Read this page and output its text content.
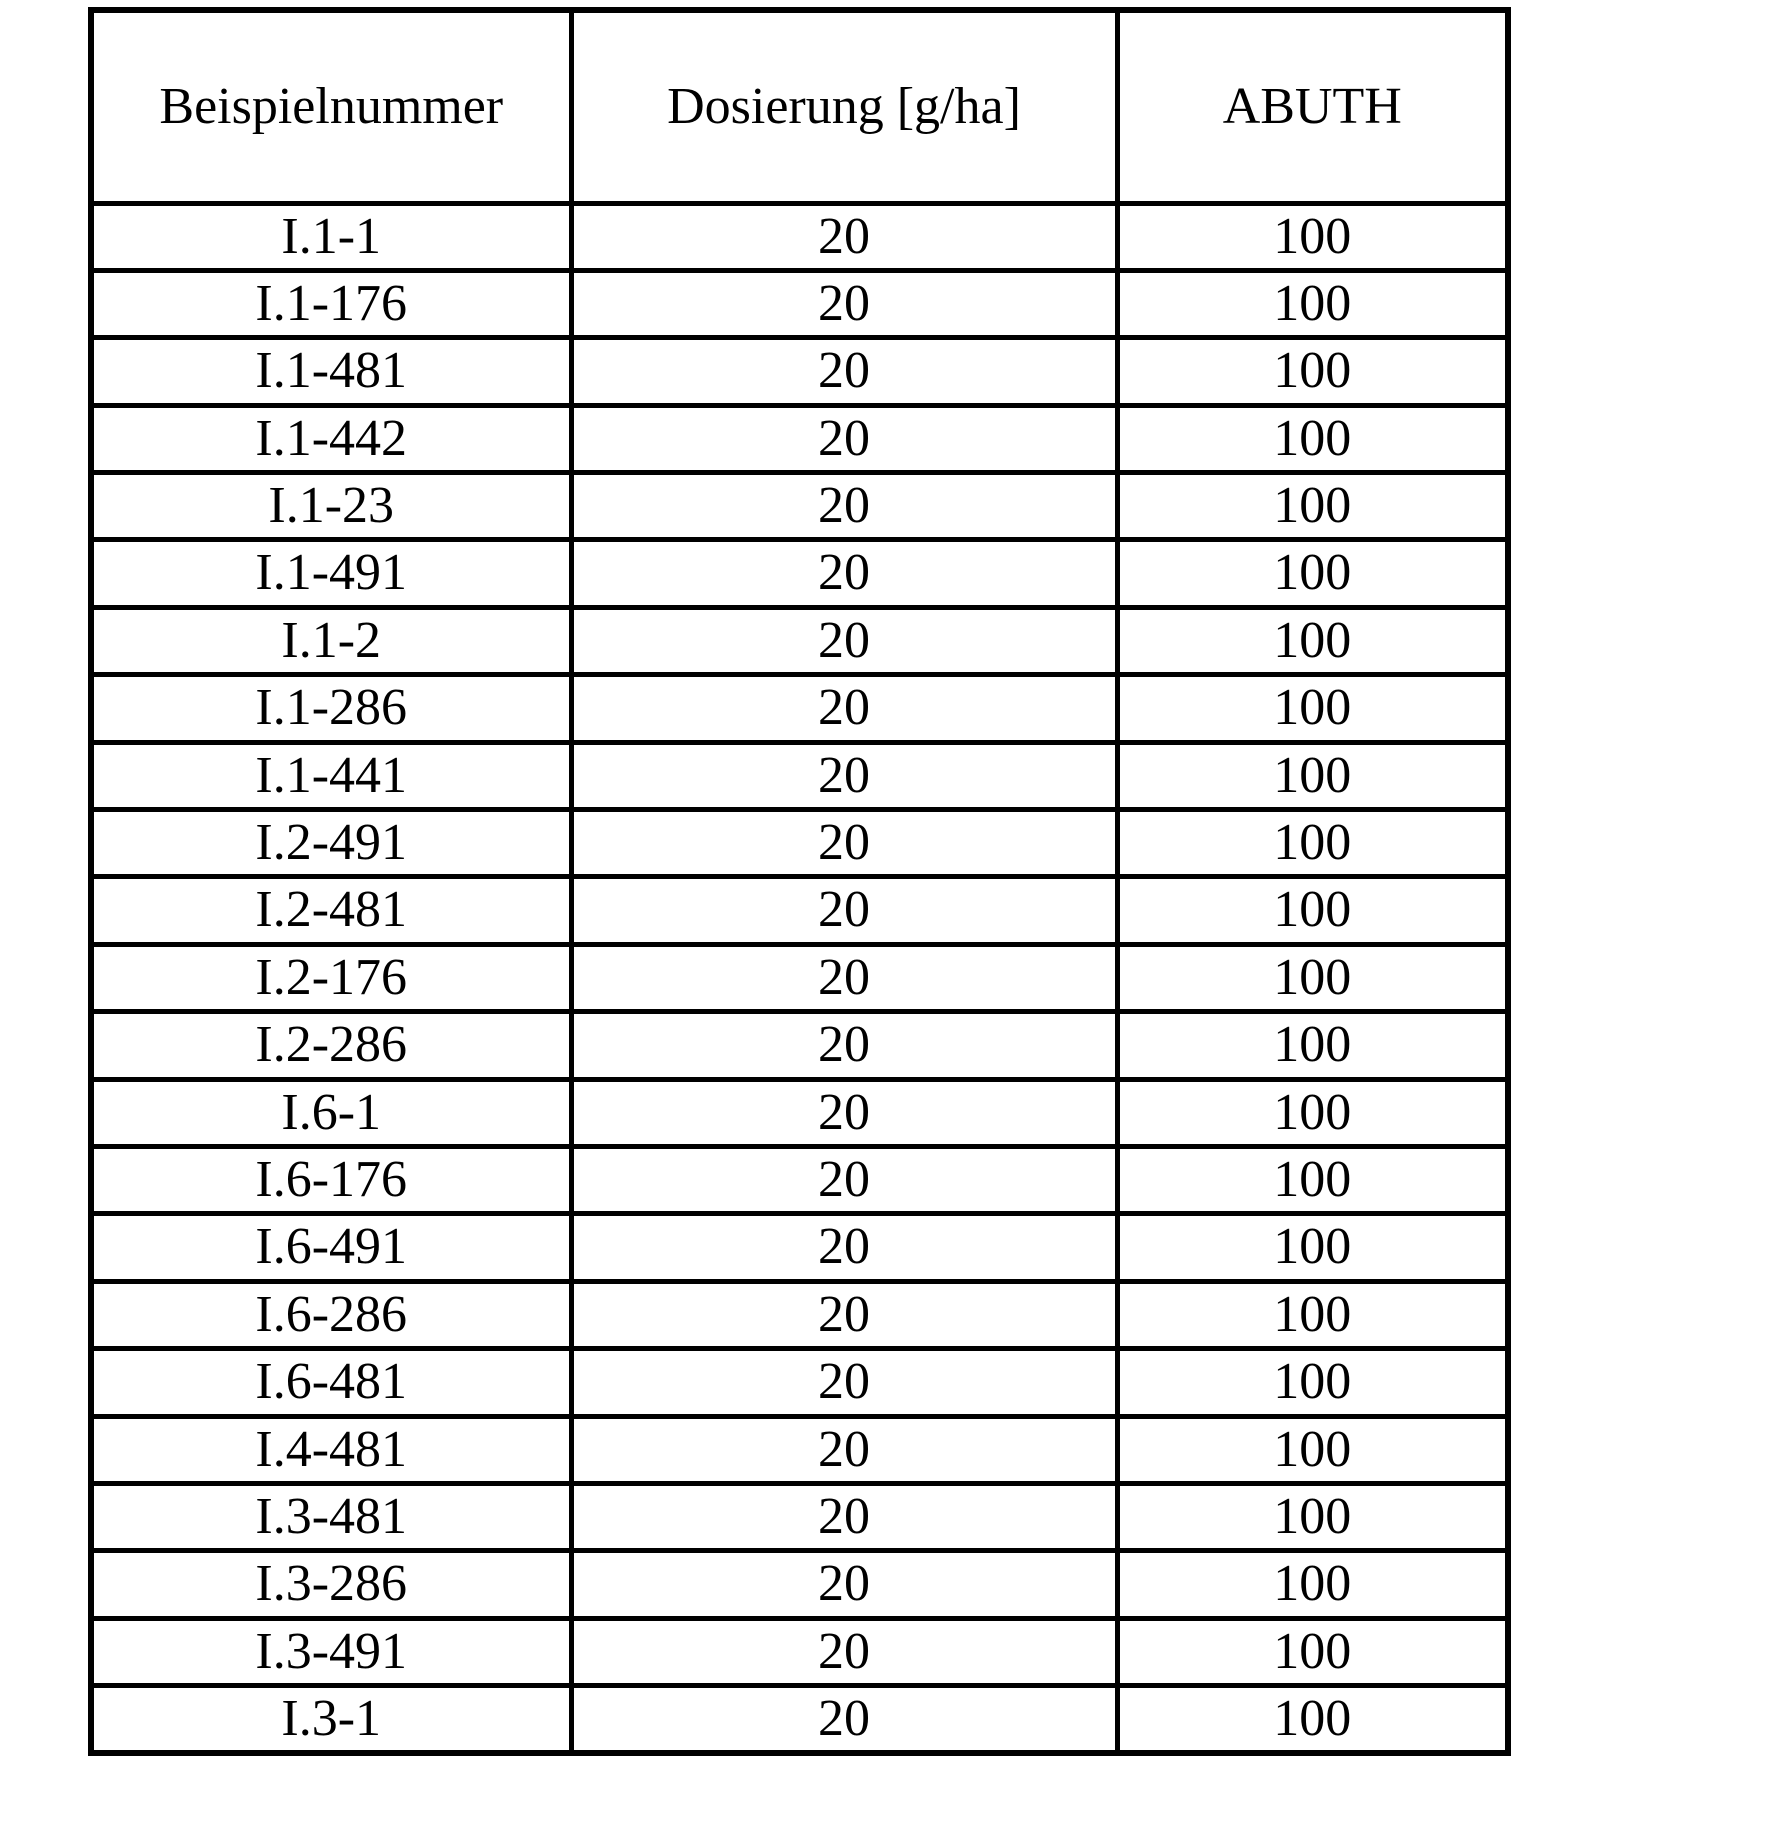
Beispielnummer	Dosierung [g/ha]	ABUTH
I.1-1	20	100
I.1-176	20	100
I.1-481	20	100
I.1-442	20	100
I.1-23	20	100
I.1-491	20	100
I.1-2	20	100
I.1-286	20	100
I.1-441	20	100
I.2-491	20	100
I.2-481	20	100
I.2-176	20	100
I.2-286	20	100
I.6-1	20	100
I.6-176	20	100
I.6-491	20	100
I.6-286	20	100
I.6-481	20	100
I.4-481	20	100
I.3-481	20	100
I.3-286	20	100
I.3-491	20	100
I.3-1	20	100
